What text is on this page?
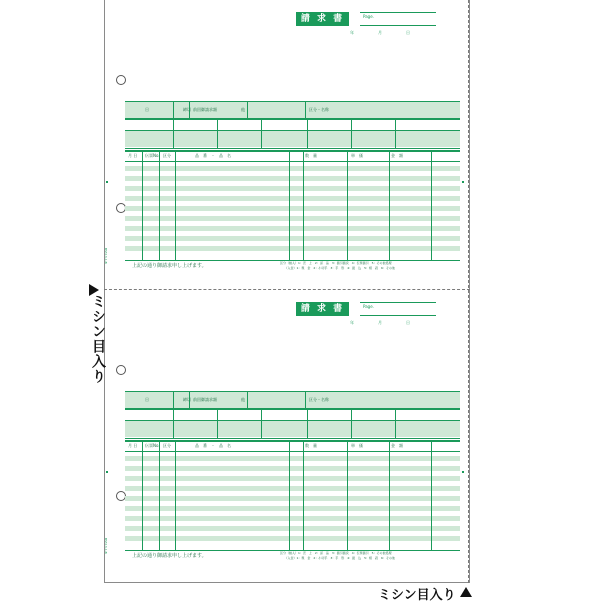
ミシン目入り
ミシン目入り
請 求 書	Page.
年	月	日
日	締切 前回御請求額	他	区分・名称
月 日 伝票No. 区分	品　番　・　品　名	数　量	単　価	金　額
上記の通り御請求申し上げます。	区分（納入）1：売　上　2：返　品　3：値引値戻　4：伝票値引　5：その他処理
　　（入金）1：現　金　2：小切手　3：手　形　4：振　込　5：相　殺　6：その他
BS513-1-B
請 求 書	Page.
年	月	日
日	締切 前回御請求額	他	区分・名称
月 日 伝票No. 区分	品　番　・　品　名	数　量	単　価	金　額
上記の通り御請求申し上げます。	区分（納入）1：売　上　2：返　品　3：値引値戻　4：伝票値引　5：その他処理
　　（入金）1：現　金　2：小切手　3：手　形　4：振　込　5：相　殺　6：その他
BS513-1-B
